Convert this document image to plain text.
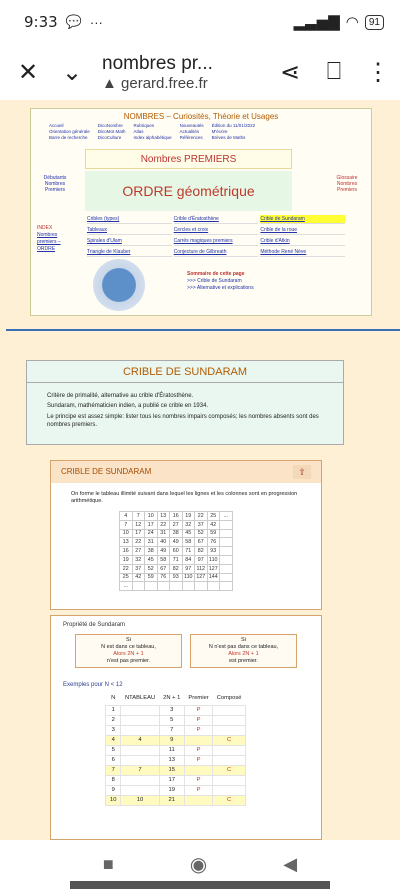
9:33 💬 ···	▂▃▅▇ ◠	91
✕ ⌄	nombres pr...
▲ gerard.free.fr	⋖	⎕	⋮
NOMBRES – Curiosités, Théorie et Usages
Accueil
Orientation générale
Barre de recherche
DicoNombre
DicoMot Math
DicoCulture
Rubriques
Atlas
Index alphabétique
Nouveautés
Actualités
Références
Édition du 11/01/2022
M'écrire
Brèves de Maths
Nombres PREMIERS
ORDRE géométrique
Débutants Nombres Premiers
Glossaire Nombres Premiers
INDEX
Nombres premiers – ORDRE
Cribles (types)	Crible d'Ératosthène	Crible de Sundaram
Tableaux	Cercles et croix	Crible de la roue
Spirales d'Ulam	Carrés magiques premiers	Crible d'Atkin
Triangle de Klauber	Conjecture de Gilbreath	Méthode René Nève
Sommaire de cette page
>>> Crible de Sundaram
>>> Alternative et explications
CRIBLE DE SUNDARAM

Critère de primalité, alternative au crible d'Ératosthène.

Sundaram, mathématicien indien, a publié ce crible en 1934.

Le principe est assez simple: lister tous les nombres impairs composés; les nombres absents sont des nombres premiers.

CRIBLE DE SUNDARAM	⇧
On forme le tableau illimité suivant dans lequel les lignes et les colonnes sont en progression arithmétique.
4	7	10	13	16	19	22	25	...
7	12	17	22	27	32	37	42	
10	17	24	31	38	45	52	59	
13	22	31	40	49	58	67	76	
16	27	38	49	60	71	82	93	
19	32	45	58	71	84	97	110	
22	37	52	67	82	97	112	127	
25	42	59	76	93	110	127	144	
...								
Propriété de Sundaram
Si
N est dans ce tableau,
Alors 2N + 1
n'est pas premier.
Si
N n'est pas dans ce tableau,
Alors 2N + 1
est premier.
Exemples pour N < 12
N	NTABLEAU	2N + 1	Premier	Composé
1		3	P	
2		5	P	
3		7	P	
4	4	9		C
5		11	P	
6		13	P	
7	7	15		C
8		17	P	
9		19	P	
10	10	21		C
■	◉	◀
